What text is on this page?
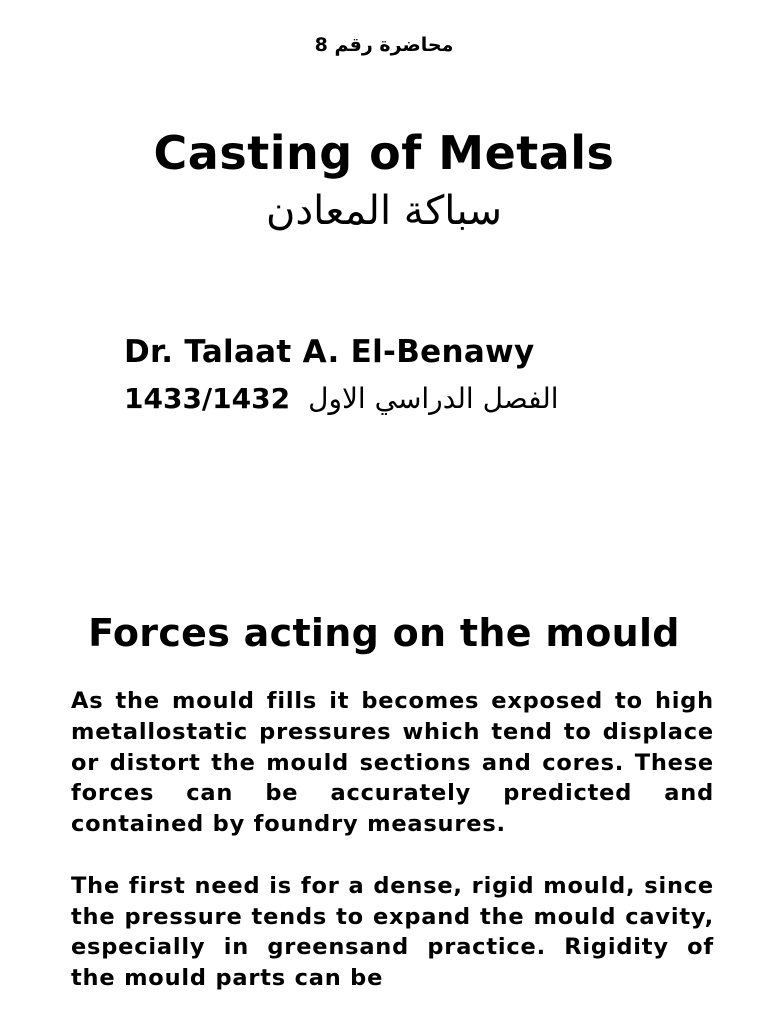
محاضرة رقم 8
Casting of Metals
سباكة المعادن
Dr. Talaat A. El-Benawy
1433/1432 الفصل الدراسي الاول
Forces acting on the mould

As the mould fills it becomes exposed to high metallostatic pressures which tend to displace or distort the mould sections and cores. These forces can be accurately predicted and contained by foundry measures.

The first need is for a dense, rigid mould, since the pressure tends to expand the mould cavity, especially in greensand practice. Rigidity of the mould parts can be
